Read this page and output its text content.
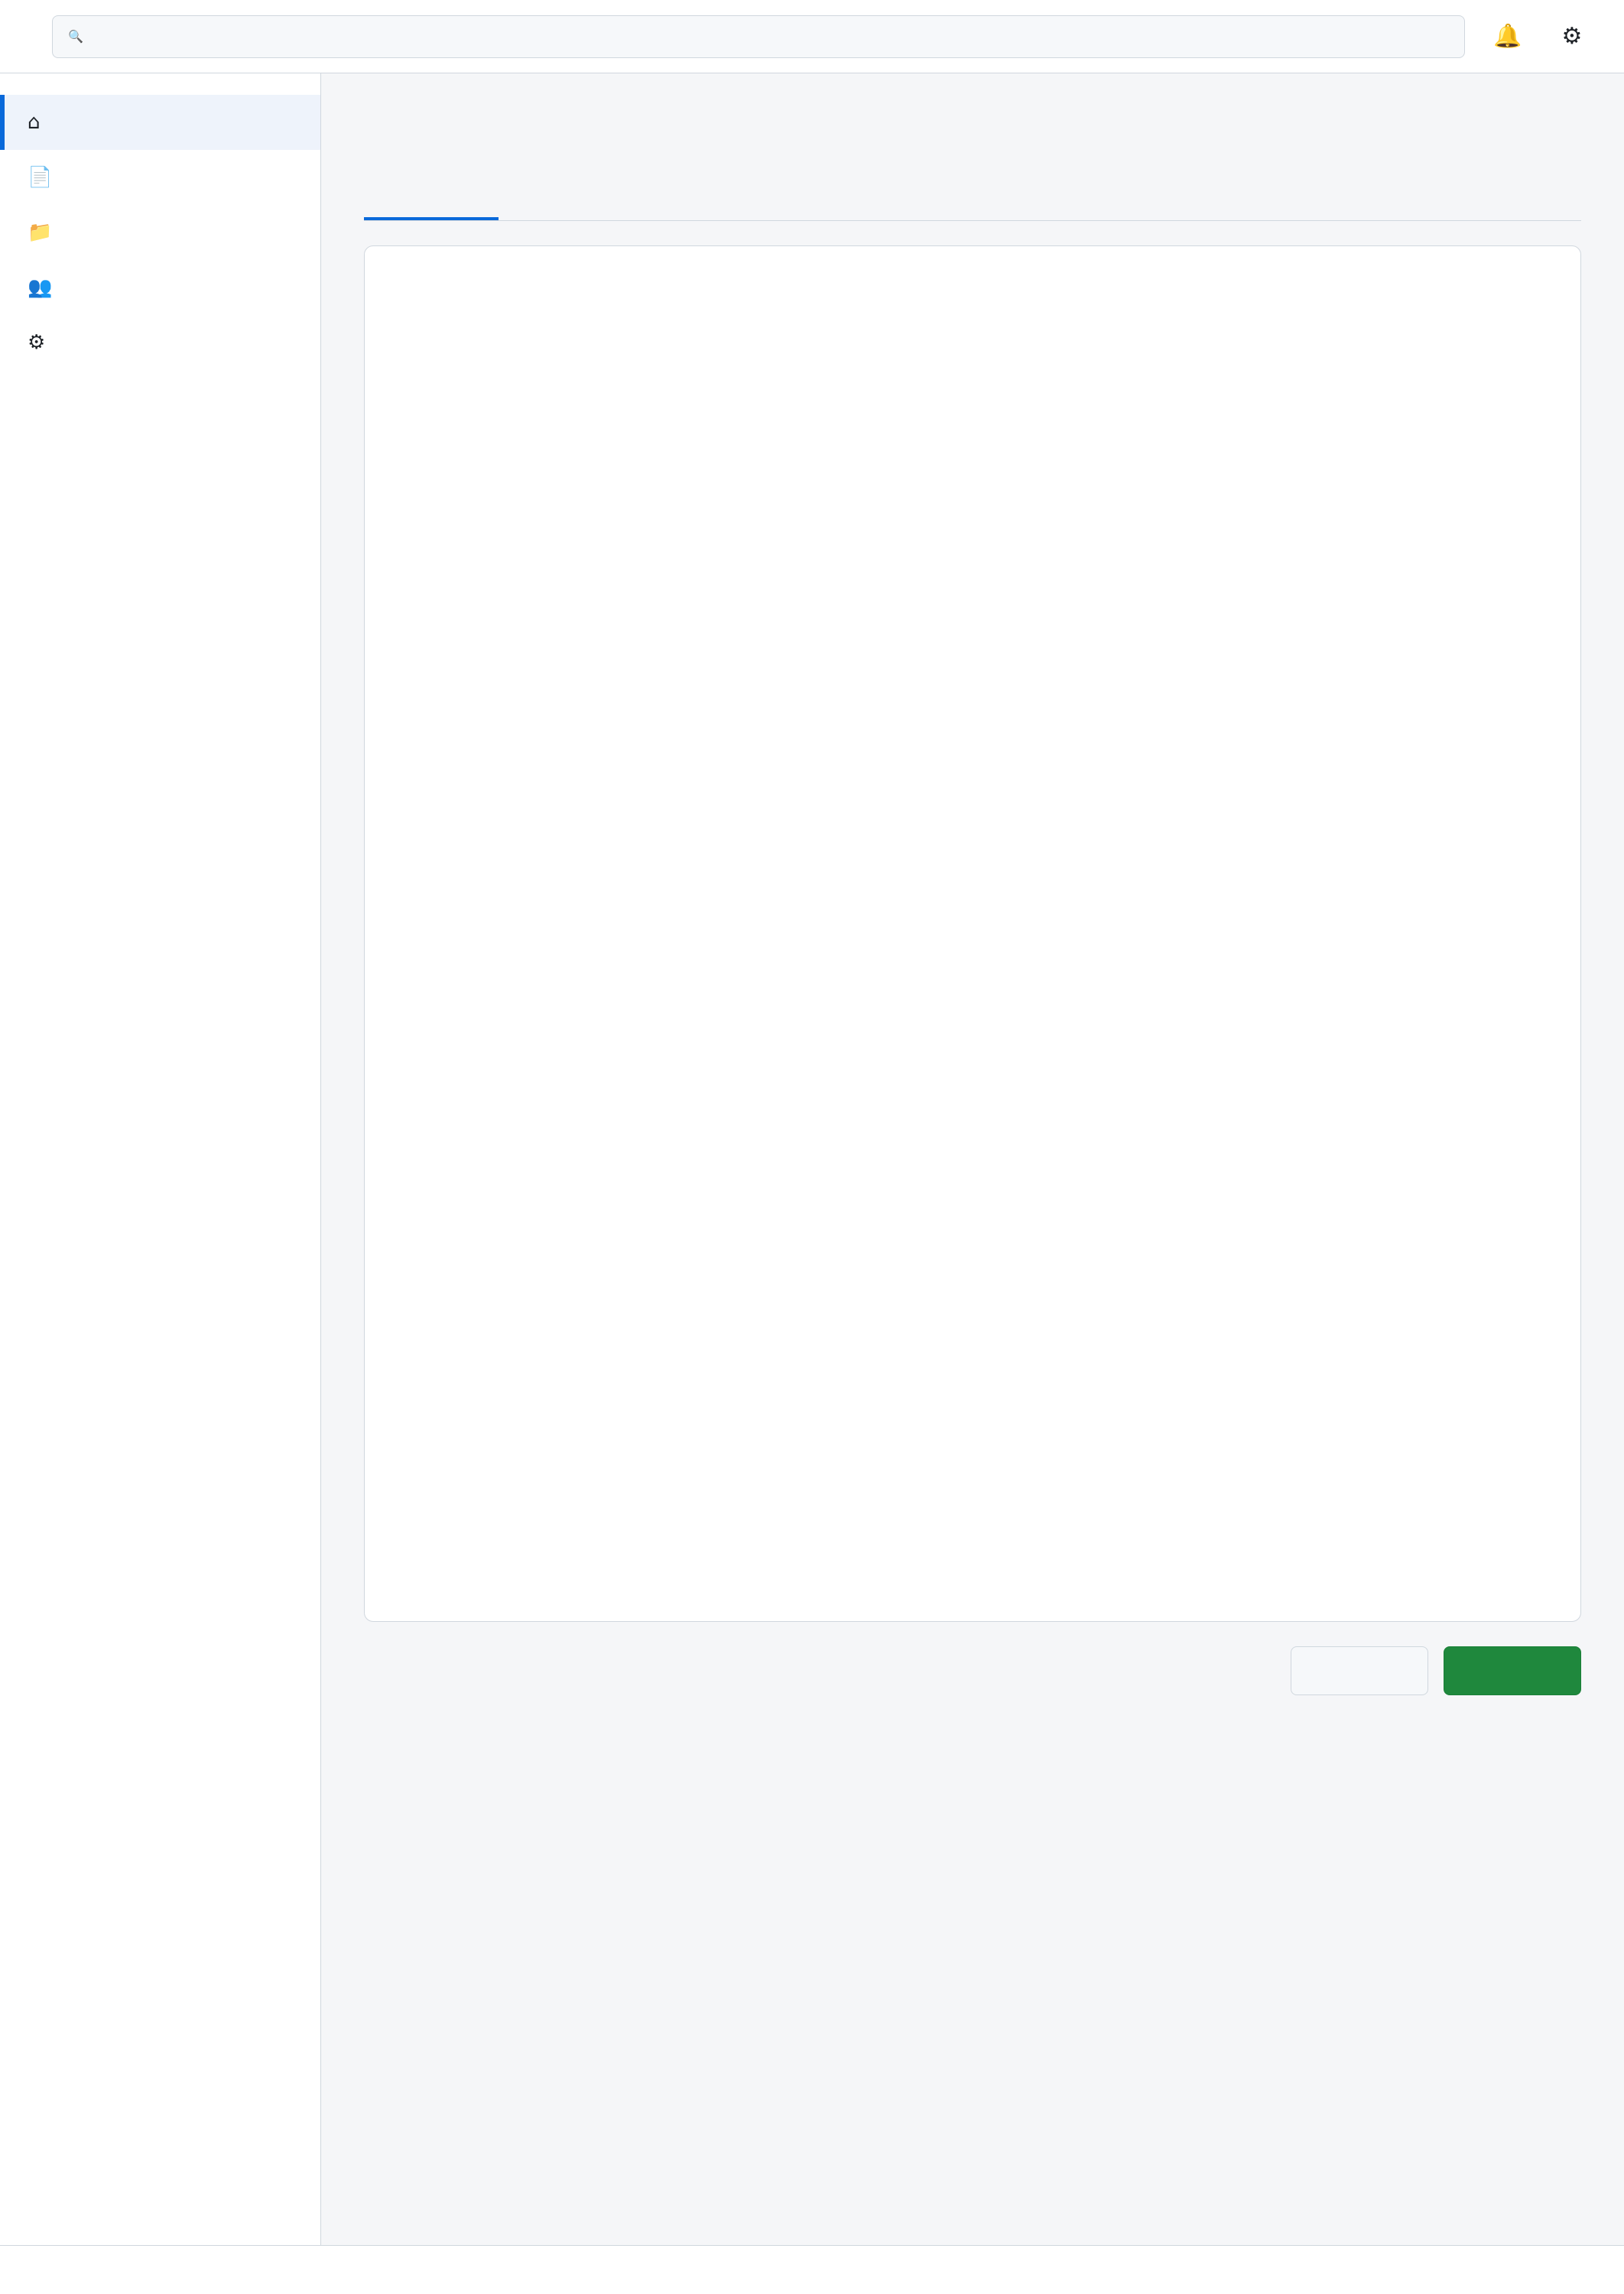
🔍	🔔	⚙
⌂
📄
📁
👥
⚙
